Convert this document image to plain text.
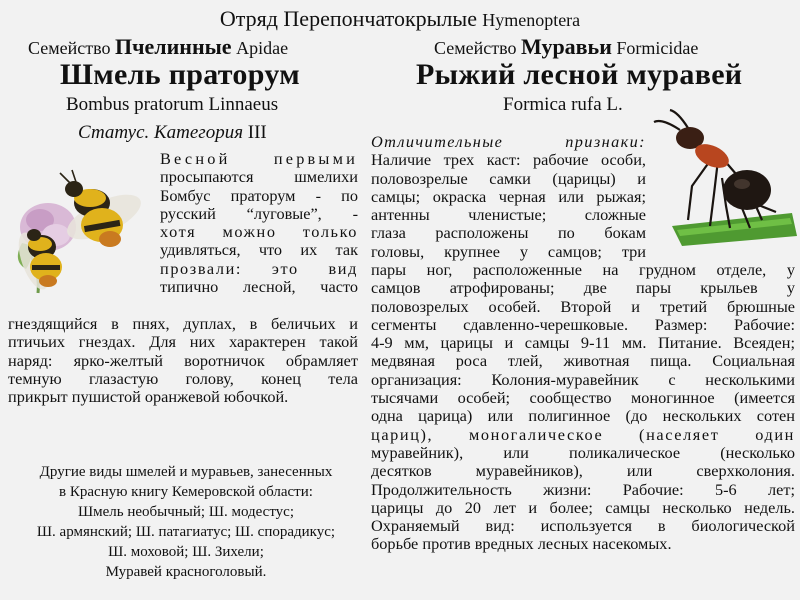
Отряд Перепончатокрылые Hymenoptera
Семейство Пчелинные Apidae	Семейство Муравьи Formicidae
Шмель праторум	Рыжий лесной муравей
Bombus pratorum Linnaeus	Formica rufa L.
Статус. Категория III
Весной первыми
просыпаются шмелихи
Бомбус праторум - по
русский “луговые”, -
хотя можно только
удивляться, что их так
прозвали: это вид
типично лесной, часто
гнездящийся в пнях, дуплах, в беличьих и
птичьих гнездах. Для них характерен такой
наряд: ярко-желтый воротничок обрамляет
темную глазастую голову, конец тела
прикрыт пушистой оранжевой юбочкой.
Отличительные признаки:
Наличие трех каст: рабочие особи,
половозрелые самки (царицы) и
самцы; окраска черная или рыжая;
антенны членистые; сложные
глаза расположены по бокам
головы, крупнее у самцов; три
пары ног, расположенные на грудном отделе, у
самцов атрофированы; две пары крыльев у
половозрелых особей. Второй и третий брюшные
сегменты сдавленно-черешковые. Размер: Рабочие:
4-9 мм, царицы и самцы 9-11 мм. Питание. Всеяден;
медвяная роса тлей, животная пища. Социальная
организация: Колония-муравейник с несколькими
тысячами особей; сообщество моногинное (имеется
одна царица) или полигинное (до нескольких сотен
цариц), моногалическое (населяет один
муравейник), или поликалическое (несколько
десятков муравейников), или сверхколония.
Продолжительность жизни: Рабочие: 5-6 лет;
царицы до 20 лет и более; самцы несколько недель.
Охраняемый вид: используется в биологической
борьбе против вредных лесных насекомых.
Другие виды шмелей и муравьев, занесенных
в Красную книгу Кемеровской области:
Шмель необычный; Ш. модестус;
Ш. армянский; Ш. патагиатус; Ш. спорадикус;
Ш. моховой; Ш. Зихели;
Муравей красноголовый.
